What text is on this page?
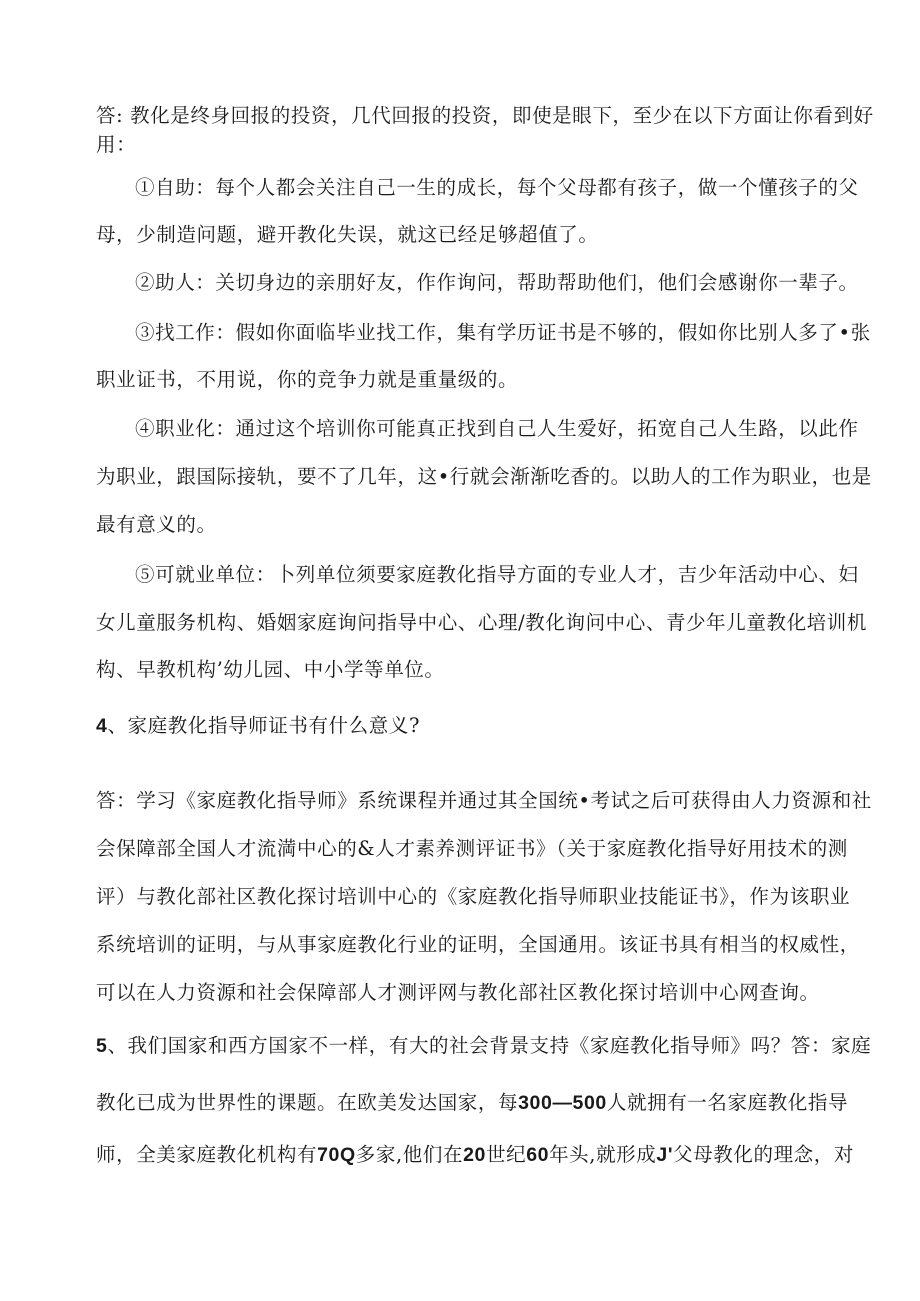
答: 教化是终身回报的投资，几代回报的投资，即使是眼下，至少在以下方面让你看到好
用：
①自助：每个人都会关注自己一生的成长，每个父母都有孩子，做一个懂孩子的父
母，少制造问题，避开教化失误，就这已经足够超值了。
②助人：关切身边的亲朋好友，作作询问，帮助帮助他们，他们会感谢你一辈子。
③找工作：假如你面临毕业找工作，集有学历证书是不够的，假如你比别人多了•张
职业证书，不用说，你的竞争力就是重量级的。
④职业化：通过这个培训你可能真正找到自己人生爱好，拓宽自己人生路，以此作
为职业，跟国际接轨，要不了几年，这•行就会渐渐吃香的。以助人的工作为职业，也是
最有意义的。
⑤可就业单位：卜列单位须要家庭教化指导方面的专业人才，吉少年活动中心、妇
女儿童服务机构、婚姻家庭询问指导中心、心理/教化询问中心、青少年儿童教化培训机
构、早教机构’幼儿园、中小学等单位。
4、家庭教化指导师证书有什么意义?
答：学习《家庭教化指导师》系统课程并通过其全国统•考试之后可获得由人力资源和社
会保障部全国人才流満中心的&人才素养测评证书》（关于家庭教化指导好用技术的测
评）与教化部社区教化探讨培训中心的《家庭教化指导师职业技能证书》，作为该职业
系统培训的证明，与从事家庭教化行业的证明，全国通用。该证书具有相当的权威性，
可以在人力资源和社会保障部人才测评网与教化部社区教化探讨培训中心网查询。
5、我们国家和西方国家不一样，有大的社会背景支持《家庭教化指导师》吗？答：家庭
教化已成为世界性的课题。在欧美发达国家，每300—500人就拥有一名家庭教化指导
师，全美家庭教化机构有70Q多家,他们在20世纪60年头,就形成J'父母教化的理念，对
